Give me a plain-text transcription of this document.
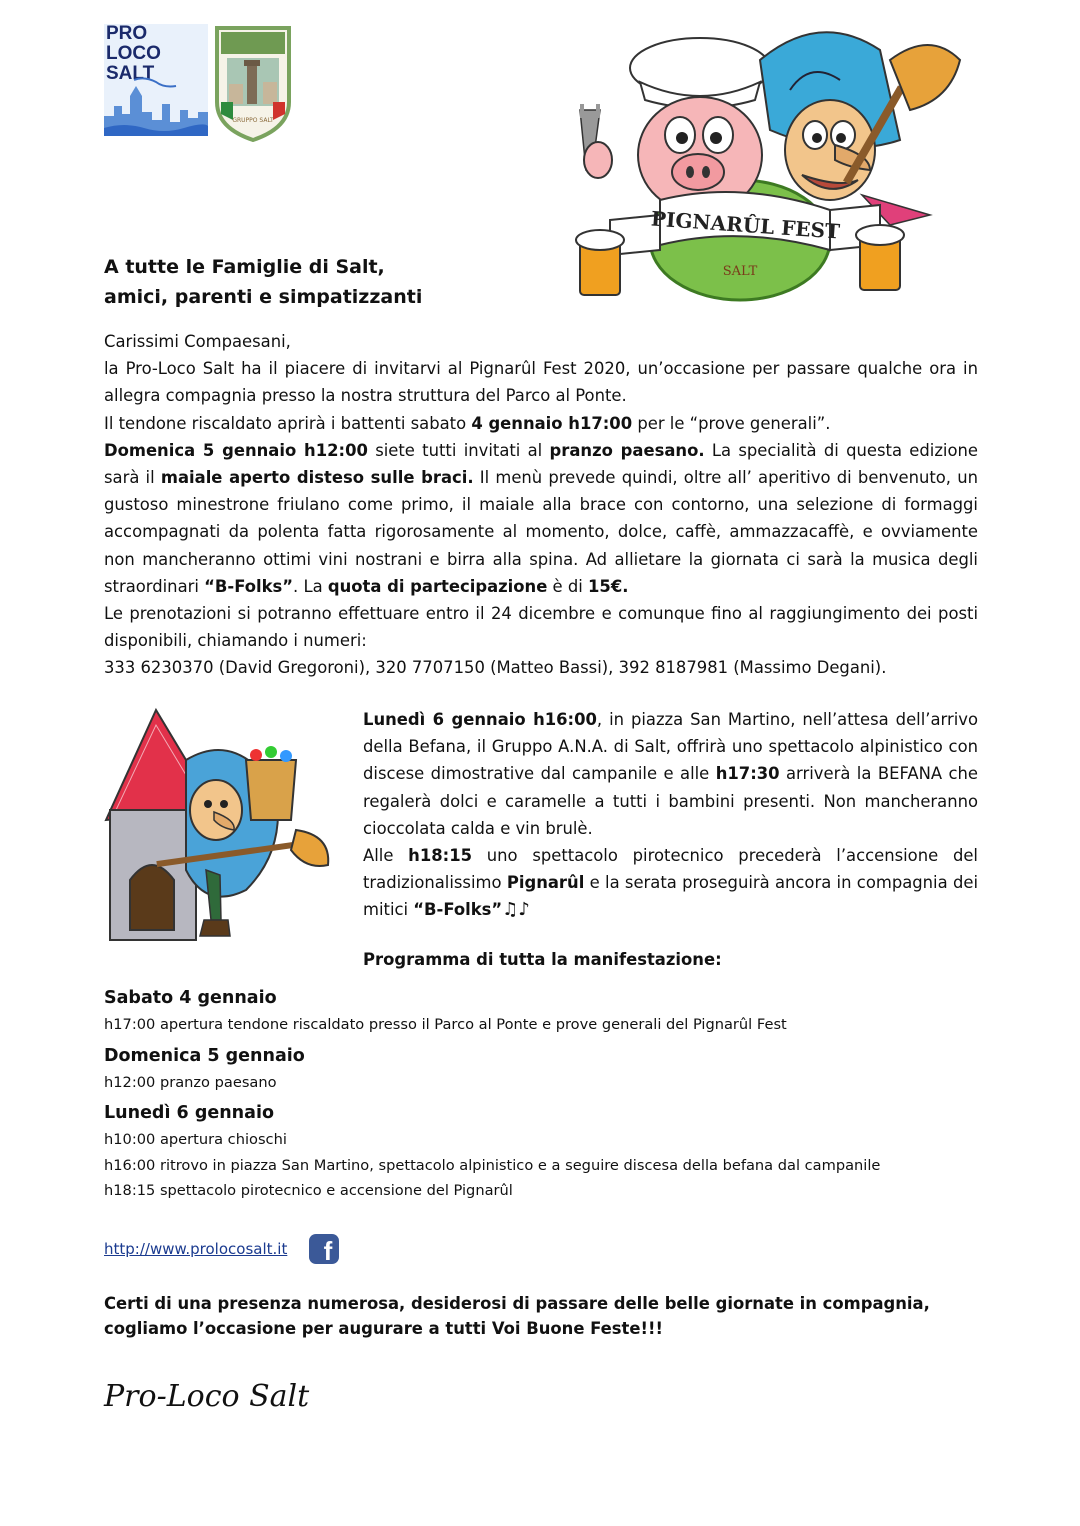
PRO
LOCO
SALT
GRUPPO SALT
PIGNARÛL FEST
SALT
A tutte le Famiglie di Salt,
amici, parenti e simpatizzanti

Carissimi Compaesani,

la Pro-Loco Salt ha il piacere di invitarvi al Pignarûl Fest 2020, un’occasione per passare qualche ora in allegra compagnia presso la nostra struttura del Parco al Ponte.

Il tendone riscaldato aprirà i battenti sabato 4 gennaio h17:00 per le “prove generali”.

Domenica 5 gennaio h12:00 siete tutti invitati al pranzo paesano. La specialità di questa edizione sarà il maiale aperto disteso sulle braci. Il menù prevede quindi, oltre all’ aperitivo di benvenuto, un gustoso minestrone friulano come primo, il maiale alla brace con contorno, una selezione di formaggi accompagnati da polenta fatta rigorosamente al momento, dolce, caffè, ammazzacaffè, e ovviamente non mancheranno ottimi vini nostrani e birra alla spina. Ad allietare la giornata ci sarà la musica degli straordinari “B-Folks”. La quota di partecipazione è di 15€.

Le prenotazioni si potranno effettuare entro il 24 dicembre e comunque fino al raggiungimento dei posti disponibili, chiamando i numeri:

333 6230370 (David Gregoroni), 320 7707150 (Matteo Bassi), 392 8187981 (Massimo Degani).

Lunedì 6 gennaio h16:00, in piazza San Martino, nell’attesa dell’arrivo della Befana, il Gruppo A.N.A. di Salt, offrirà uno spettacolo alpinistico con discese dimostrative dal campanile e alle h17:30 arriverà la BEFANA che regalerà dolci e caramelle a tutti i bambini presenti. Non mancheranno cioccolata calda e vin brulè.

Alle h18:15 uno spettacolo pirotecnico precederà l’accensione del tradizionalissimo Pignarûl e la serata proseguirà ancora in compagnia dei mitici “B-Folks”♫♪

Programma di tutta la manifestazione:
Sabato 4 gennaio
h17:00 apertura tendone riscaldato presso il Parco al Ponte e prove generali del Pignarûl Fest
Domenica 5 gennaio
h12:00 pranzo paesano
Lunedì 6 gennaio
h10:00 apertura chioschi
h16:00 ritrovo in piazza San Martino, spettacolo alpinistico e a seguire discesa della befana dal campanile
h18:15 spettacolo pirotecnico e accensione del Pignarûl
http://www.prolocosalt.it	f
Certi di una presenza numerosa, desiderosi di passare delle belle giornate in compagnia, cogliamo l’occasione per augurare a tutti Voi Buone Feste!!!
Pro-Loco Salt
